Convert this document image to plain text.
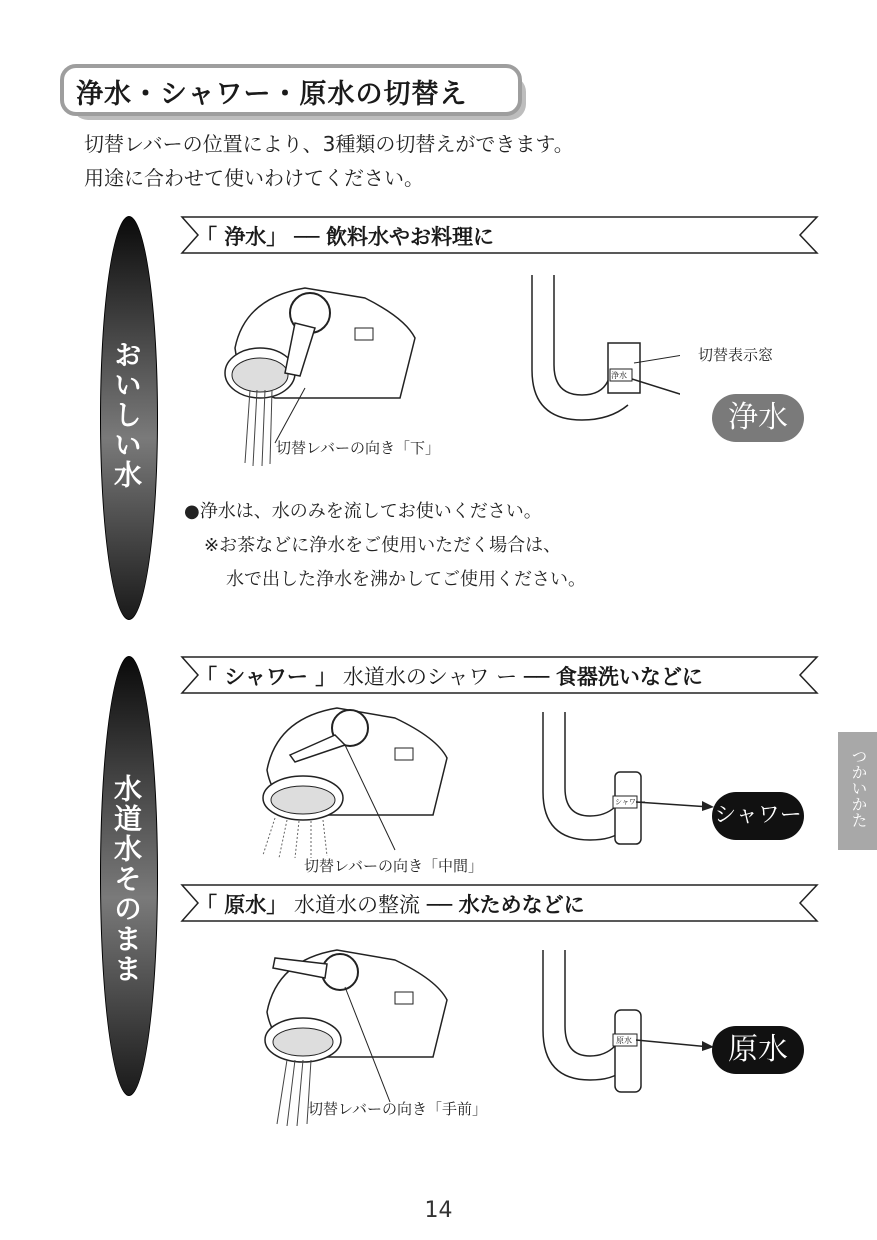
浄水・シャワー・原水の切替え
切替レバーの位置により、3種類の切替えができます。
用途に合わせて使いわけてください。
おいしい水
水道水そのまま
「 浄水」 ── 飲料水やお料理に
切替レバーの向き「下」
浄水
切替表示窓
浄水
●浄水は、水のみを流してお使いください。
※お茶などに浄水をご使用いただく場合は、
水で出した浄水を沸かしてご使用ください。
「 シャワー 」 水道水のシャワ ー ── 食器洗いなどに
切替レバーの向き「中間」
シャワー
シャワー
「 原水」 水道水の整流 ── 水ためなどに
切替レバーの向き「手前」
原水	原水
つかいかた
14
